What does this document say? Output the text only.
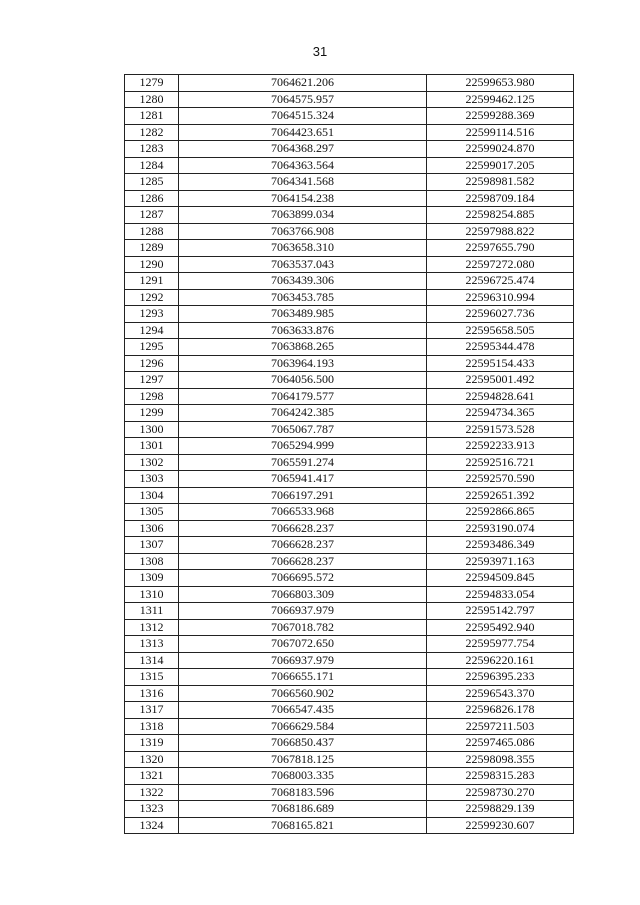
31
1279	7064621.206	22599653.980
1280	7064575.957	22599462.125
1281	7064515.324	22599288.369
1282	7064423.651	22599114.516
1283	7064368.297	22599024.870
1284	7064363.564	22599017.205
1285	7064341.568	22598981.582
1286	7064154.238	22598709.184
1287	7063899.034	22598254.885
1288	7063766.908	22597988.822
1289	7063658.310	22597655.790
1290	7063537.043	22597272.080
1291	7063439.306	22596725.474
1292	7063453.785	22596310.994
1293	7063489.985	22596027.736
1294	7063633.876	22595658.505
1295	7063868.265	22595344.478
1296	7063964.193	22595154.433
1297	7064056.500	22595001.492
1298	7064179.577	22594828.641
1299	7064242.385	22594734.365
1300	7065067.787	22591573.528
1301	7065294.999	22592233.913
1302	7065591.274	22592516.721
1303	7065941.417	22592570.590
1304	7066197.291	22592651.392
1305	7066533.968	22592866.865
1306	7066628.237	22593190.074
1307	7066628.237	22593486.349
1308	7066628.237	22593971.163
1309	7066695.572	22594509.845
1310	7066803.309	22594833.054
1311	7066937.979	22595142.797
1312	7067018.782	22595492.940
1313	7067072.650	22595977.754
1314	7066937.979	22596220.161
1315	7066655.171	22596395.233
1316	7066560.902	22596543.370
1317	7066547.435	22596826.178
1318	7066629.584	22597211.503
1319	7066850.437	22597465.086
1320	7067818.125	22598098.355
1321	7068003.335	22598315.283
1322	7068183.596	22598730.270
1323	7068186.689	22598829.139
1324	7068165.821	22599230.607
